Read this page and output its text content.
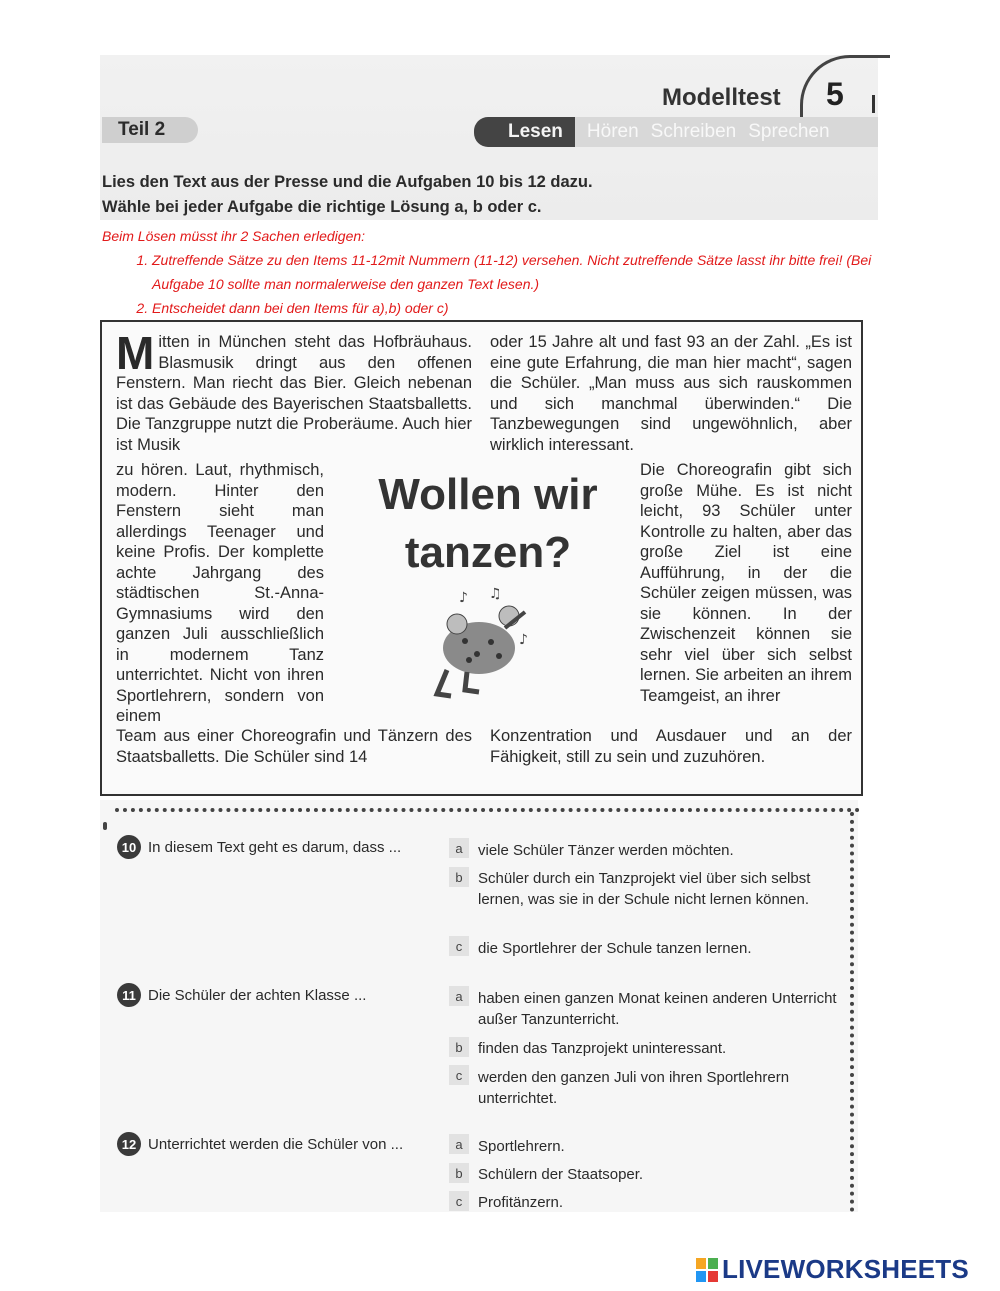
Modelltest 5
Teil 2	Lesen	Hören Schreiben Sprechen
Lies den Text aus der Presse und die Aufgaben 10 bis 12 dazu.
Wähle bei jeder Aufgabe die richtige Lösung a, b oder c.
Beim Lösen müsst ihr 2 Sachen erledigen:
1. Zutreffende Sätze zu den Items 11-12mit Nummern (11-12) versehen. Nicht zutreffende Sätze lasst ihr bitte frei! (Bei Aufgabe 10 sollte man normalerweise den ganzen Text lesen.)
2. Entscheidet dann bei den Items für a),b) oder c)
Mitten in München steht das Hofbräuhaus. Blasmusik dringt aus den offenen Fenstern. Man riecht das Bier. Gleich nebenan ist das Gebäude des Bayerischen Staatsballetts. Die Tanzgruppe nutzt die Proberäume. Auch hier ist Musik
oder 15 Jahre alt und fast 93 an der Zahl. „Es ist eine gute Erfahrung, die man hier macht“, sagen die Schüler. „Man muss aus sich rauskommen und sich manchmal überwinden.“ Die Tanzbewegungen sind ungewöhnlich, aber wirklich interessant.
zu hören. Laut, rhythmisch, modern. Hinter den Fenstern sieht man allerdings Teenager und keine Profis. Der komplette achte Jahrgang des städtischen St.-Anna-Gymnasiums wird den ganzen Juli ausschließlich in modernem Tanz unterrichtet. Nicht von ihren Sportlehrern, sondern von einem
Die Choreografin gibt sich große Mühe. Es ist nicht leicht, 93 Schüler unter Kontrolle zu halten, aber das große Ziel ist eine Aufführung, in der die Schüler zeigen müssen, was sie können. In der Zwischenzeit können sie sehr viel über sich selbst lernen. Sie arbeiten an ihrem Teamgeist, an ihrer
Wollen wir
tanzen?
♪ ♫
♪
Team aus einer Choreografin und Tänzern des Staatsballetts. Die Schüler sind 14
Konzentration und Ausdauer und an der Fähigkeit, still zu sein und zuzuhören.
10 In diesem Text geht es darum, dass ...	a	viele Schüler Tänzer werden möchten.
b	Schüler durch ein Tanzprojekt viel über sich selbst lernen, was sie in der Schule nicht lernen können.
c	die Sportlehrer der Schule tanzen lernen.
11 Die Schüler der achten Klasse ...	a	haben einen ganzen Monat keinen anderen Unterricht außer Tanzunterricht.
b	finden das Tanzprojekt uninteressant.
c	werden den ganzen Juli von ihren Sportlehrern unterrichtet.
12 Unterrichtet werden die Schüler von ...	a	Sportlehrern.
b	Schülern der Staatsoper.
c	Profitänzern.
LIVEWORKSHEETS
